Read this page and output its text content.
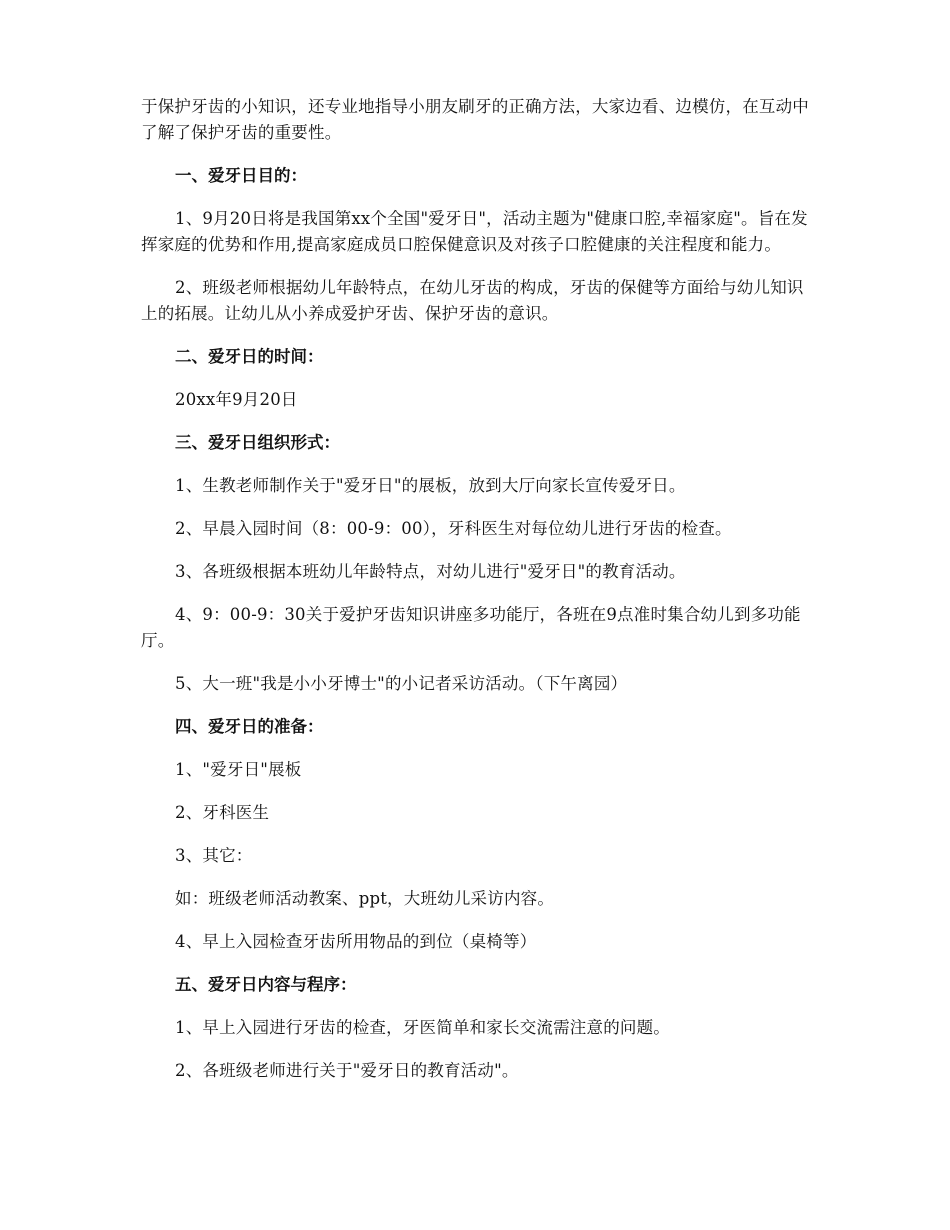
于保护牙齿的小知识，还专业地指导小朋友刷牙的正确方法，大家边看、边模仿，在互动中了解了保护牙齿的重要性。

一、爱牙日目的：

1、9月20日将是我国第xx个全国"爱牙日"，活动主题为"健康口腔,幸福家庭"。旨在发挥家庭的优势和作用,提高家庭成员口腔保健意识及对孩子口腔健康的关注程度和能力。

2、班级老师根据幼儿年龄特点，在幼儿牙齿的构成，牙齿的保健等方面给与幼儿知识上的拓展。让幼儿从小养成爱护牙齿、保护牙齿的意识。

二、爱牙日的时间：

20xx年9月20日

三、爱牙日组织形式：

1、生教老师制作关于"爱牙日"的展板，放到大厅向家长宣传爱牙日。

2、早晨入园时间（8：00-9：00），牙科医生对每位幼儿进行牙齿的检查。

3、各班级根据本班幼儿年龄特点，对幼儿进行"爱牙日"的教育活动。

4、9：00-9：30关于爱护牙齿知识讲座多功能厅，各班在9点准时集合幼儿到多功能厅。

5、大一班"我是小小牙博士"的小记者采访活动。（下午离园）

四、爱牙日的准备：

1、"爱牙日"展板

2、牙科医生

3、其它：

如：班级老师活动教案、ppt，大班幼儿采访内容。

4、早上入园检查牙齿所用物品的到位（桌椅等）

五、爱牙日内容与程序：

1、早上入园进行牙齿的检查，牙医简单和家长交流需注意的问题。

2、各班级老师进行关于"爱牙日的教育活动"。
